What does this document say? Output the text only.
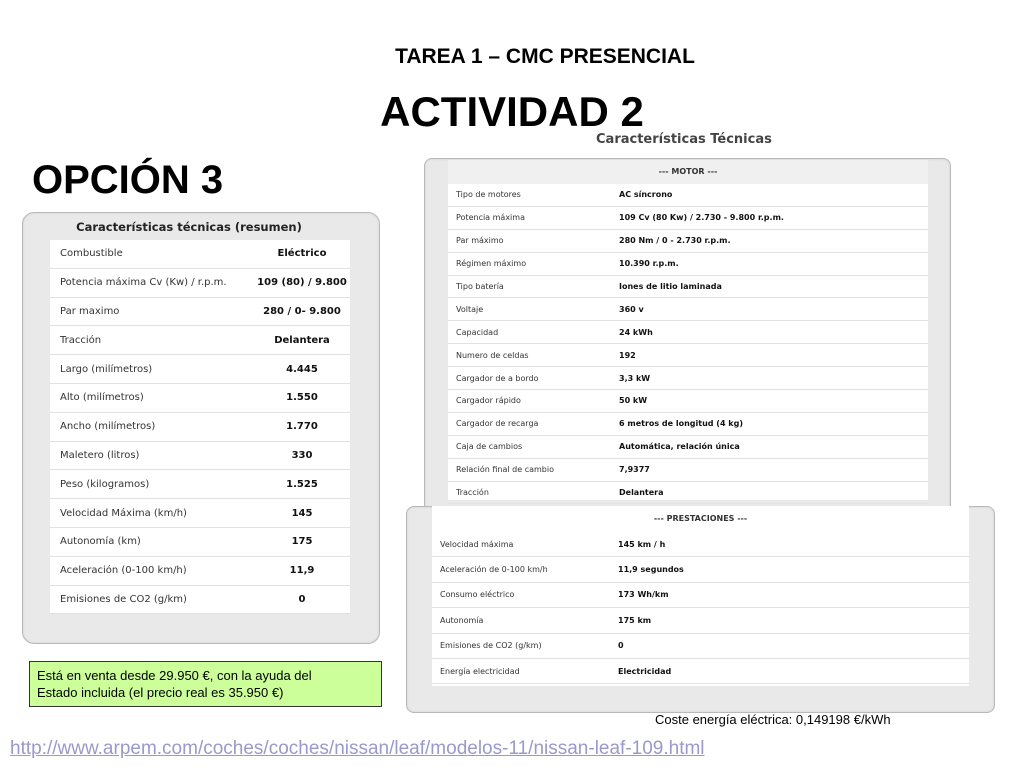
TAREA 1 – CMC PRESENCIAL
ACTIVIDAD 2
OPCIÓN 3
Características técnicas (resumen)
Combustible	Eléctrico
Potencia máxima Cv (Kw) / r.p.m.	109 (80) / 9.800
Par maximo	280 / 0- 9.800
Tracción	Delantera
Largo (milímetros)	4.445
Alto (milímetros)	1.550
Ancho (milímetros)	1.770
Maletero (litros)	330
Peso (kilogramos)	1.525
Velocidad Máxima (km/h)	145
Autonomía (km)	175
Aceleración (0-100 km/h)	11,9
Emisiones de CO2 (g/km)	0
Características Técnicas
--- MOTOR ---
Tipo de motores	AC síncrono
Potencia máxima	109 Cv (80 Kw) / 2.730 - 9.800 r.p.m.
Par máximo	280 Nm / 0 - 2.730 r.p.m.
Régimen máximo	10.390 r.p.m.
Tipo batería	Iones de litio laminada
Voltaje	360 v
Capacidad	24 kWh
Numero de celdas	192
Cargador de a bordo	3,3 kW
Cargador rápido	50 kW
Cargador de recarga	6 metros de longitud (4 kg)
Caja de cambios	Automática, relación única
Relación final de cambio	7,9377
Tracción	Delantera
--- PRESTACIONES ---
Velocidad máxima	145 km / h
Aceleración de 0-100 km/h	11,9 segundos
Consumo eléctrico	173 Wh/km
Autonomía	175 km
Emisiones de CO2 (g/km)	0
Energía electricidad	Electricidad
Está en venta desde 29.950 €, con la ayuda del
Estado incluida (el precio real es 35.950 €)
Coste energía eléctrica: 0,149198 €/kWh
http://www.arpem.com/coches/coches/nissan/leaf/modelos-11/nissan-leaf-109.html
